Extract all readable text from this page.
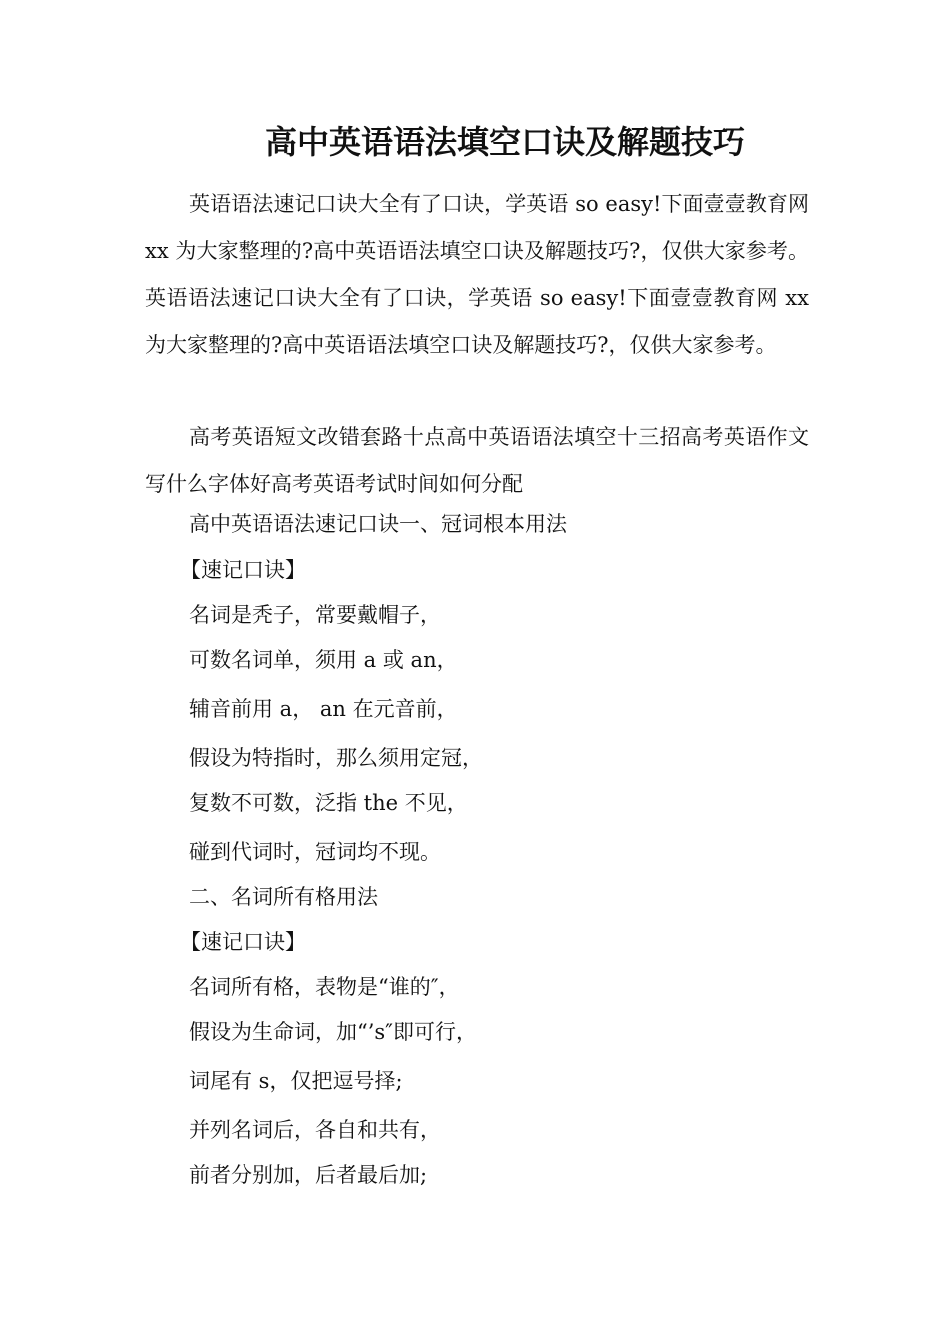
高中英语语法填空口诀及解题技巧

英语语法速记口诀大全有了口诀，学英语 so easy!下面壹壹教育网 xx 为大家整理的?高中英语语法填空口诀及解题技巧?，仅供大家参考。英语语法速记口诀大全有了口诀，学英语 so easy!下面壹壹教育网 xx 为大家整理的?高中英语语法填空口诀及解题技巧?，仅供大家参考。

高考英语短文改错套路十点高中英语语法填空十三招高考英语作文写什么字体好高考英语考试时间如何分配

高中英语语法速记口诀一、冠词根本用法

【速记口诀】

名词是秃子，常要戴帽子，

可数名词单，须用 a 或 an，

辅音前用 a， an 在元音前，

假设为特指时，那么须用定冠，

复数不可数，泛指 the 不见，

碰到代词时，冠词均不现。

二、名词所有格用法

【速记口诀】

名词所有格，表物是“谁的″，

假设为生命词，加“’s″即可行，

词尾有 s，仅把逗号择;

并列名词后，各自和共有，

前者分别加，后者最后加;
